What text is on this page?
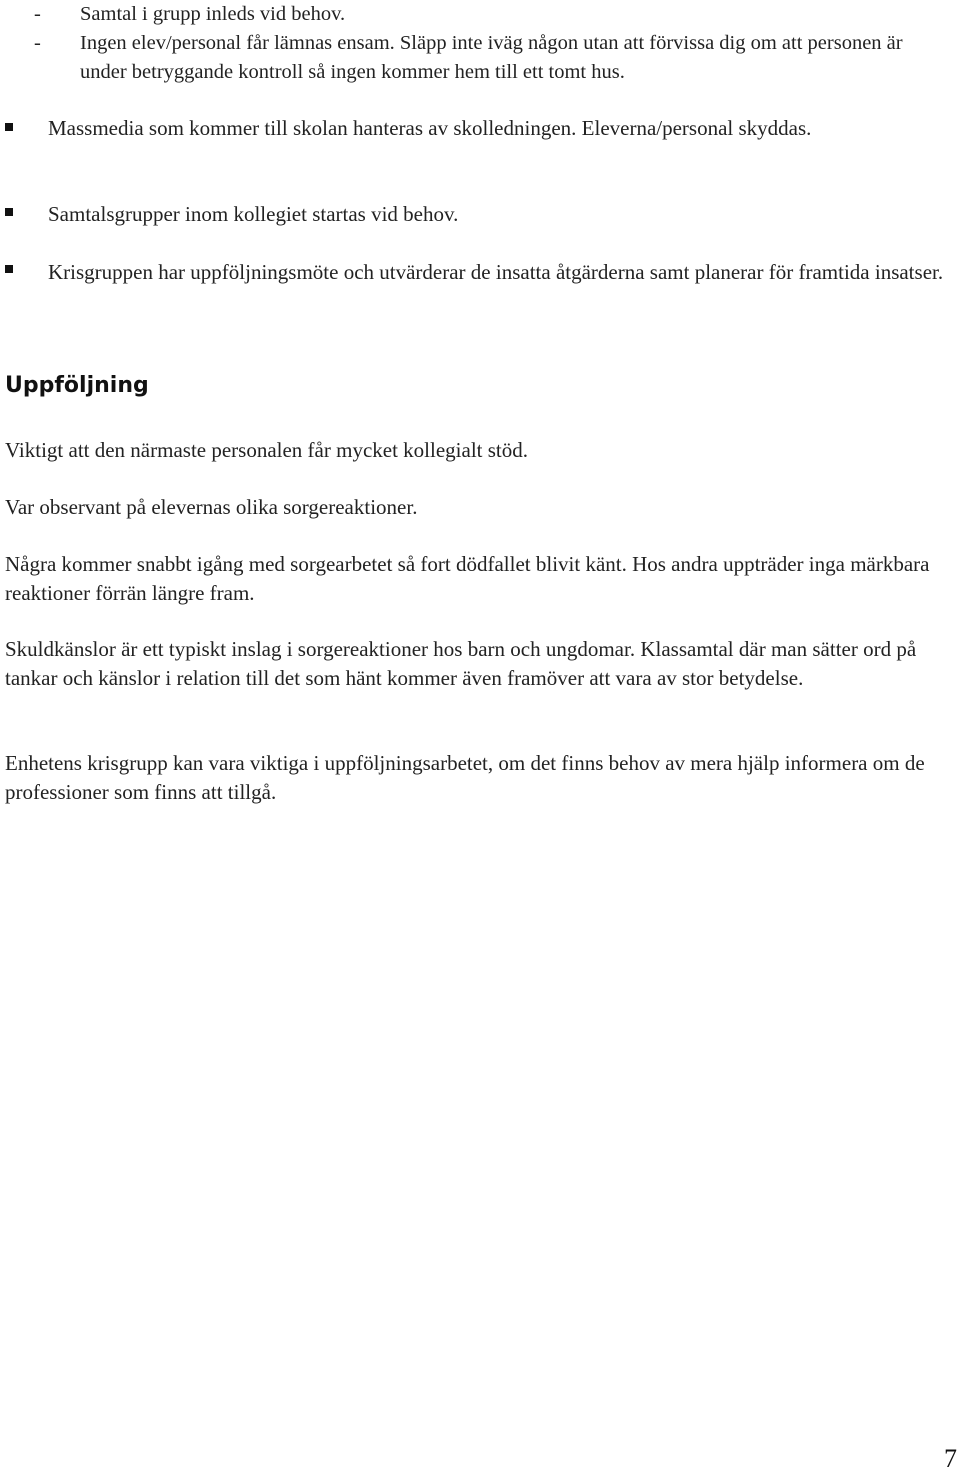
-	Samtal i grupp inleds vid behov.
-	Ingen elev/personal får lämnas ensam. Släpp inte iväg någon utan att förvissa dig om att personen är under betryggande kontroll så ingen kommer hem till ett tomt hus.
Massmedia som kommer till skolan hanteras av skolledningen. Eleverna/personal skyddas.
Samtalsgrupper inom kollegiet startas vid behov.
Krisgruppen har uppföljningsmöte och utvärderar de insatta åtgärderna samt planerar för framtida insatser.
Uppföljning

Viktigt att den närmaste personalen får mycket kollegialt stöd.

Var observant på elevernas olika sorgereaktioner.

Några kommer snabbt igång med sorgearbetet så fort dödfallet blivit känt. Hos andra uppträder inga märkbara reaktioner förrän längre fram.

Skuldkänslor är ett typiskt inslag i sorgereaktioner hos barn och ungdomar. Klassamtal där man sätter ord på tankar och känslor i relation till det som hänt kommer även framöver att vara av stor betydelse.

Enhetens krisgrupp kan vara viktiga i uppföljningsarbetet, om det finns behov av mera hjälp informera om de professioner som finns att tillgå.

7
